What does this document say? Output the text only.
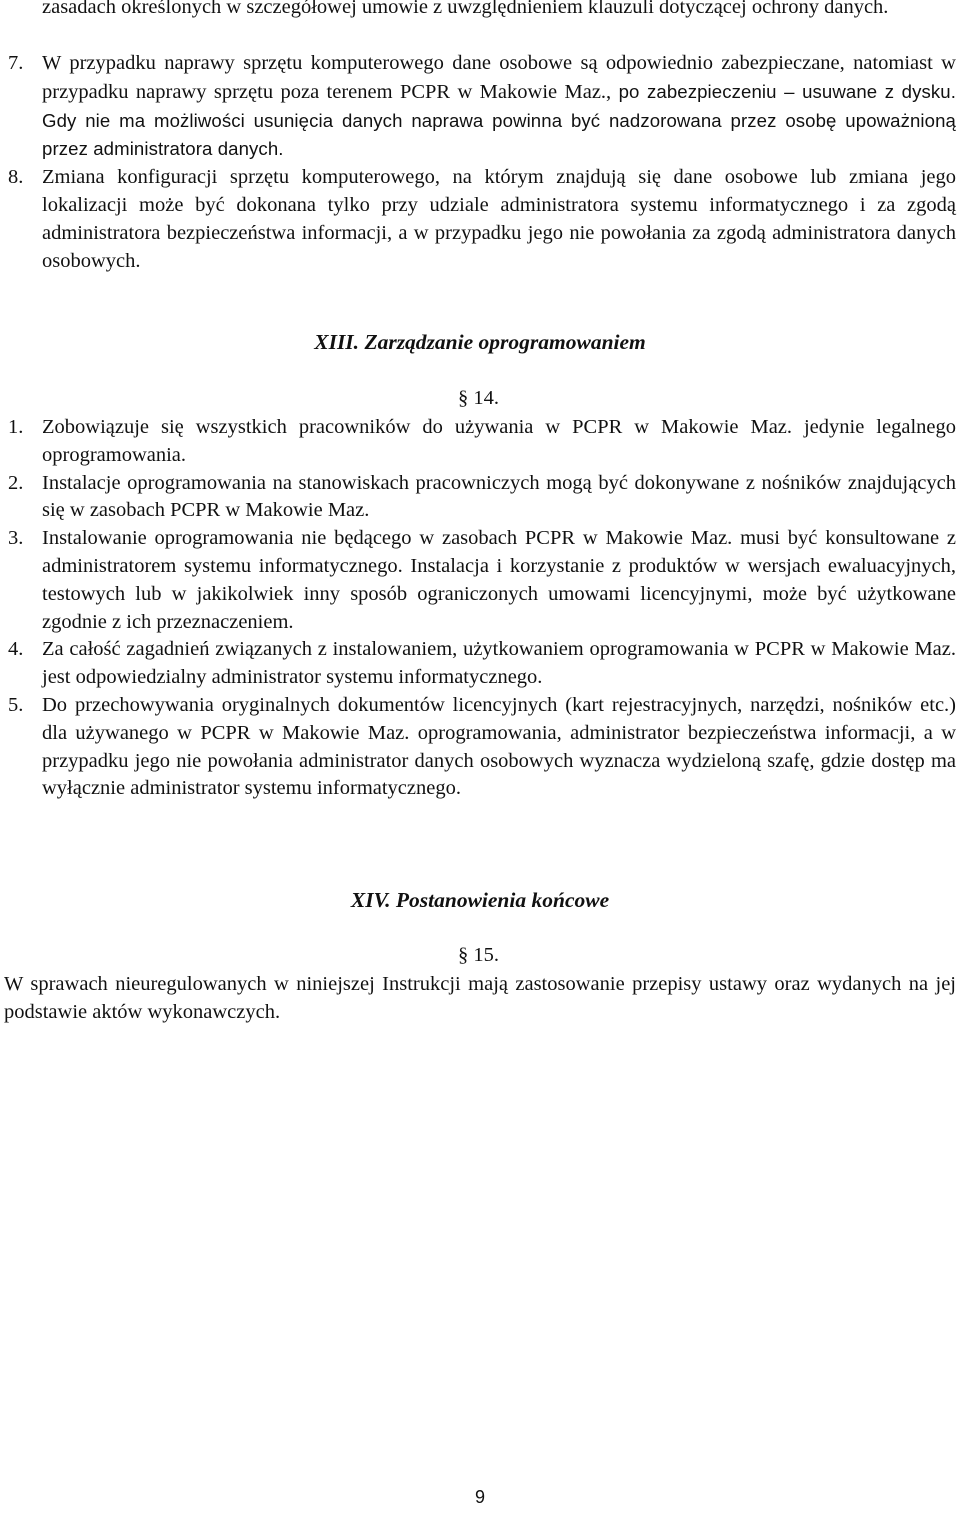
zasadach określonych w szczegółowej umowie z uwzględnieniem klauzuli dotyczącej ochrony danych.
7. W przypadku naprawy sprzętu komputerowego dane osobowe są odpowiednio zabezpieczane, natomiast w przypadku naprawy sprzętu poza terenem PCPR w Makowie Maz., po zabezpieczeniu – usuwane z dysku. Gdy nie ma możliwości usunięcia danych naprawa powinna być nadzorowana przez osobę upoważnioną przez administratora danych.
8. Zmiana konfiguracji sprzętu komputerowego, na którym znajdują się dane osobowe lub zmiana jego lokalizacji może być dokonana tylko przy udziale administratora systemu informatycznego i za zgodą administratora bezpieczeństwa informacji, a w przypadku jego nie powołania za zgodą administratora danych osobowych.
XIII. Zarządzanie oprogramowaniem
§ 14.
1. Zobowiązuje się wszystkich pracowników do używania w PCPR w Makowie Maz. jedynie legalnego oprogramowania.
2. Instalacje oprogramowania na stanowiskach pracowniczych mogą być dokonywane z nośników znajdujących się w zasobach PCPR w Makowie Maz.
3. Instalowanie oprogramowania nie będącego w zasobach PCPR w Makowie Maz. musi być konsultowane z administratorem systemu informatycznego. Instalacja i korzystanie z produktów w wersjach ewaluacyjnych, testowych lub w jakikolwiek inny sposób ograniczonych umowami licencyjnymi, może być użytkowane zgodnie z ich przeznaczeniem.
4. Za całość zagadnień związanych z instalowaniem, użytkowaniem oprogramowania w PCPR w Makowie Maz. jest odpowiedzialny administrator systemu informatycznego.
5. Do przechowywania oryginalnych dokumentów licencyjnych (kart rejestracyjnych, narzędzi, nośników etc.) dla używanego w PCPR w Makowie Maz. oprogramowania, administrator bezpieczeństwa informacji, a w przypadku jego nie powołania administrator danych osobowych wyznacza wydzieloną szafę, gdzie dostęp ma wyłącznie administrator systemu informatycznego.
XIV. Postanowienia końcowe
§ 15.
W sprawach nieuregulowanych w niniejszej Instrukcji mają zastosowanie przepisy ustawy oraz wydanych na jej podstawie aktów wykonawczych.
9
